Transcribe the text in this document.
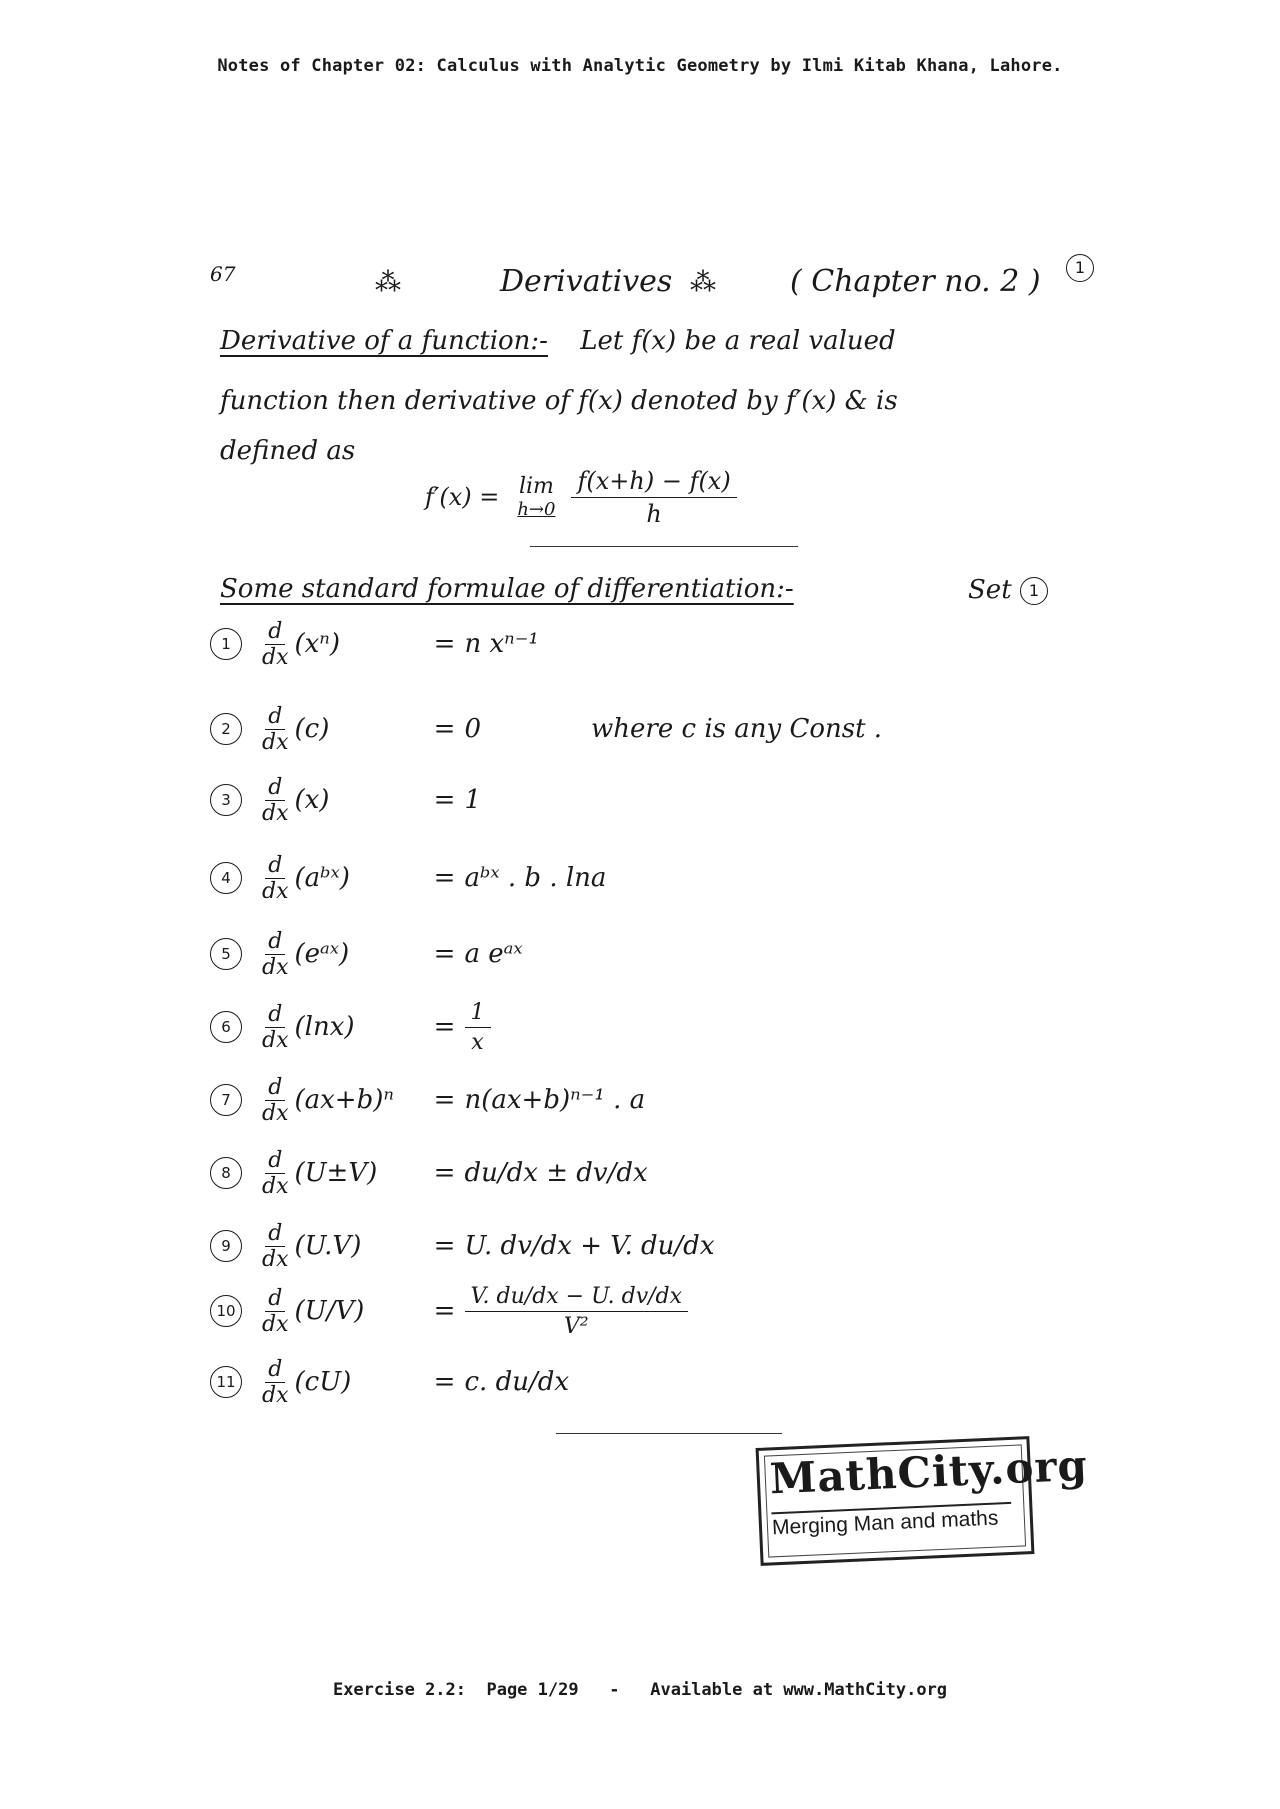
Notes of Chapter 02: Calculus with Analytic Geometry by Ilmi Kitab Khana, Lahore.
67	⁂	Derivatives ⁂ ( Chapter no. 2 )	1
Derivative of a function:- Let f(x) be a real valued
function then derivative of f(x) denoted by f′(x) & is
defined as
f′(x) = lim
$h\to 0 \frac{f(x+h) - f(x)}{h}$
Some standard formulae of differentiation:-	Set 1
1
d
dx (xⁿ)	= n xⁿ⁻¹
2
d
dx (c)	= 0	where c is any Const .
3
d
dx (x)	= 1
4
d
dx (aᵇˣ)	= aᵇˣ . b . lna
5
d
dx (eᵃˣ)	= a eᵃˣ
6
d
dx (lnx)	= $\frac{1}{x}$
7
d
dx (ax+b)ⁿ	= n(ax+b)ⁿ⁻¹ . a
8
d
dx (U±V)	= du/dx ± dv/dx
9
d
dx (U.V)	= U. dv/dx + V. du/dx
10
d
dx (U/V)	= $\frac{V. du/dx - U. dv/dx}{\text{V²}}$
11
d
dx (cU)	= c. du/dx
MathCity.org
Merging Man and maths
Exercise 2.2:  Page 1/29   -   Available at www.MathCity.org
